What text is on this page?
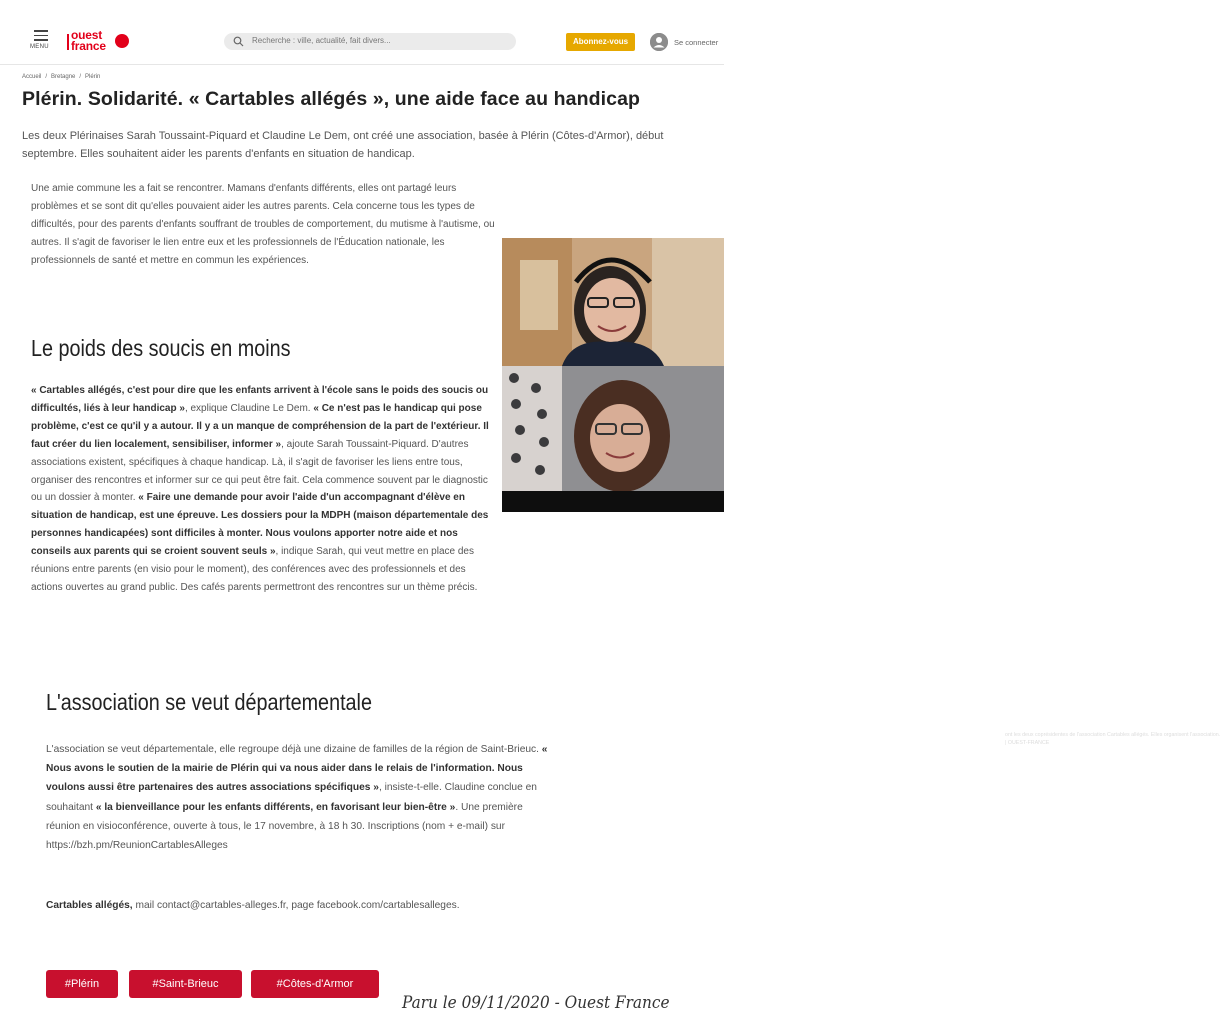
MENU
ouest
france	Recherche : ville, actualité, fait divers...	Abonnez-vous	Se connecter
Accueil / Bretagne / Plérin
Plérin. Solidarité. « Cartables allégés », une aide face au handicap

Les deux Plérinaises Sarah Toussaint-Piquard et Claudine Le Dem, ont créé une association, basée à Plérin (Côtes-d'Armor), début septembre. Elles souhaitent aider les parents d'enfants en situation de handicap.

Une amie commune les a fait se rencontrer. Mamans d'enfants différents, elles ont partagé leurs problèmes et se sont dit qu'elles pouvaient aider les autres parents. Cela concerne tous les types de difficultés, pour des parents d'enfants souffrant de troubles de comportement, du mutisme à l'autisme, ou autres. Il s'agit de favoriser le lien entre eux et les professionnels de l'Éducation nationale, les professionnels de santé et mettre en commun les expériences.

ont les deux coprésidentes de l'association Cartables allégés. Elles organisent l'association. | OUEST-FRANCE

Le poids des soucis en moins

« Cartables allégés, c'est pour dire que les enfants arrivent à l'école sans le poids des soucis ou difficultés, liés à leur handicap », explique Claudine Le Dem. « Ce n'est pas le handicap qui pose problème, c'est ce qu'il y a autour. Il y a un manque de compréhension de la part de l'extérieur. Il faut créer du lien localement, sensibiliser, informer », ajoute Sarah Toussaint-Piquard. D'autres associations existent, spécifiques à chaque handicap. Là, il s'agit de favoriser les liens entre tous, organiser des rencontres et informer sur ce qui peut être fait. Cela commence souvent par le diagnostic ou un dossier à monter. « Faire une demande pour avoir l'aide d'un accompagnant d'élève en situation de handicap, est une épreuve. Les dossiers pour la MDPH (maison départementale des personnes handicapées) sont difficiles à monter. Nous voulons apporter notre aide et nos conseils aux parents qui se croient souvent seuls », indique Sarah, qui veut mettre en place des réunions entre parents (en visio pour le moment), des conférences avec des professionnels et des actions ouvertes au grand public. Des cafés parents permettront des rencontres sur un thème précis.

L'association se veut départementale

L'association se veut départementale, elle regroupe déjà une dizaine de familles de la région de Saint-Brieuc. « Nous avons le soutien de la mairie de Plérin qui va nous aider dans le relais de l'information. Nous voulons aussi être partenaires des autres associations spécifiques », insiste-t-elle. Claudine conclue en souhaitant « la bienveillance pour les enfants différents, en favorisant leur bien-être ». Une première réunion en visioconférence, ouverte à tous, le 17 novembre, à 18 h 30. Inscriptions (nom + e-mail) sur https://bzh.pm/ReunionCartablesAlleges

Cartables allégés, mail contact@cartables-alleges.fr, page facebook.com/cartablesalleges.

#Plérin	#Saint-Brieuc	#Côtes-d'Armor
Paru le 09/11/2020 - Ouest France
